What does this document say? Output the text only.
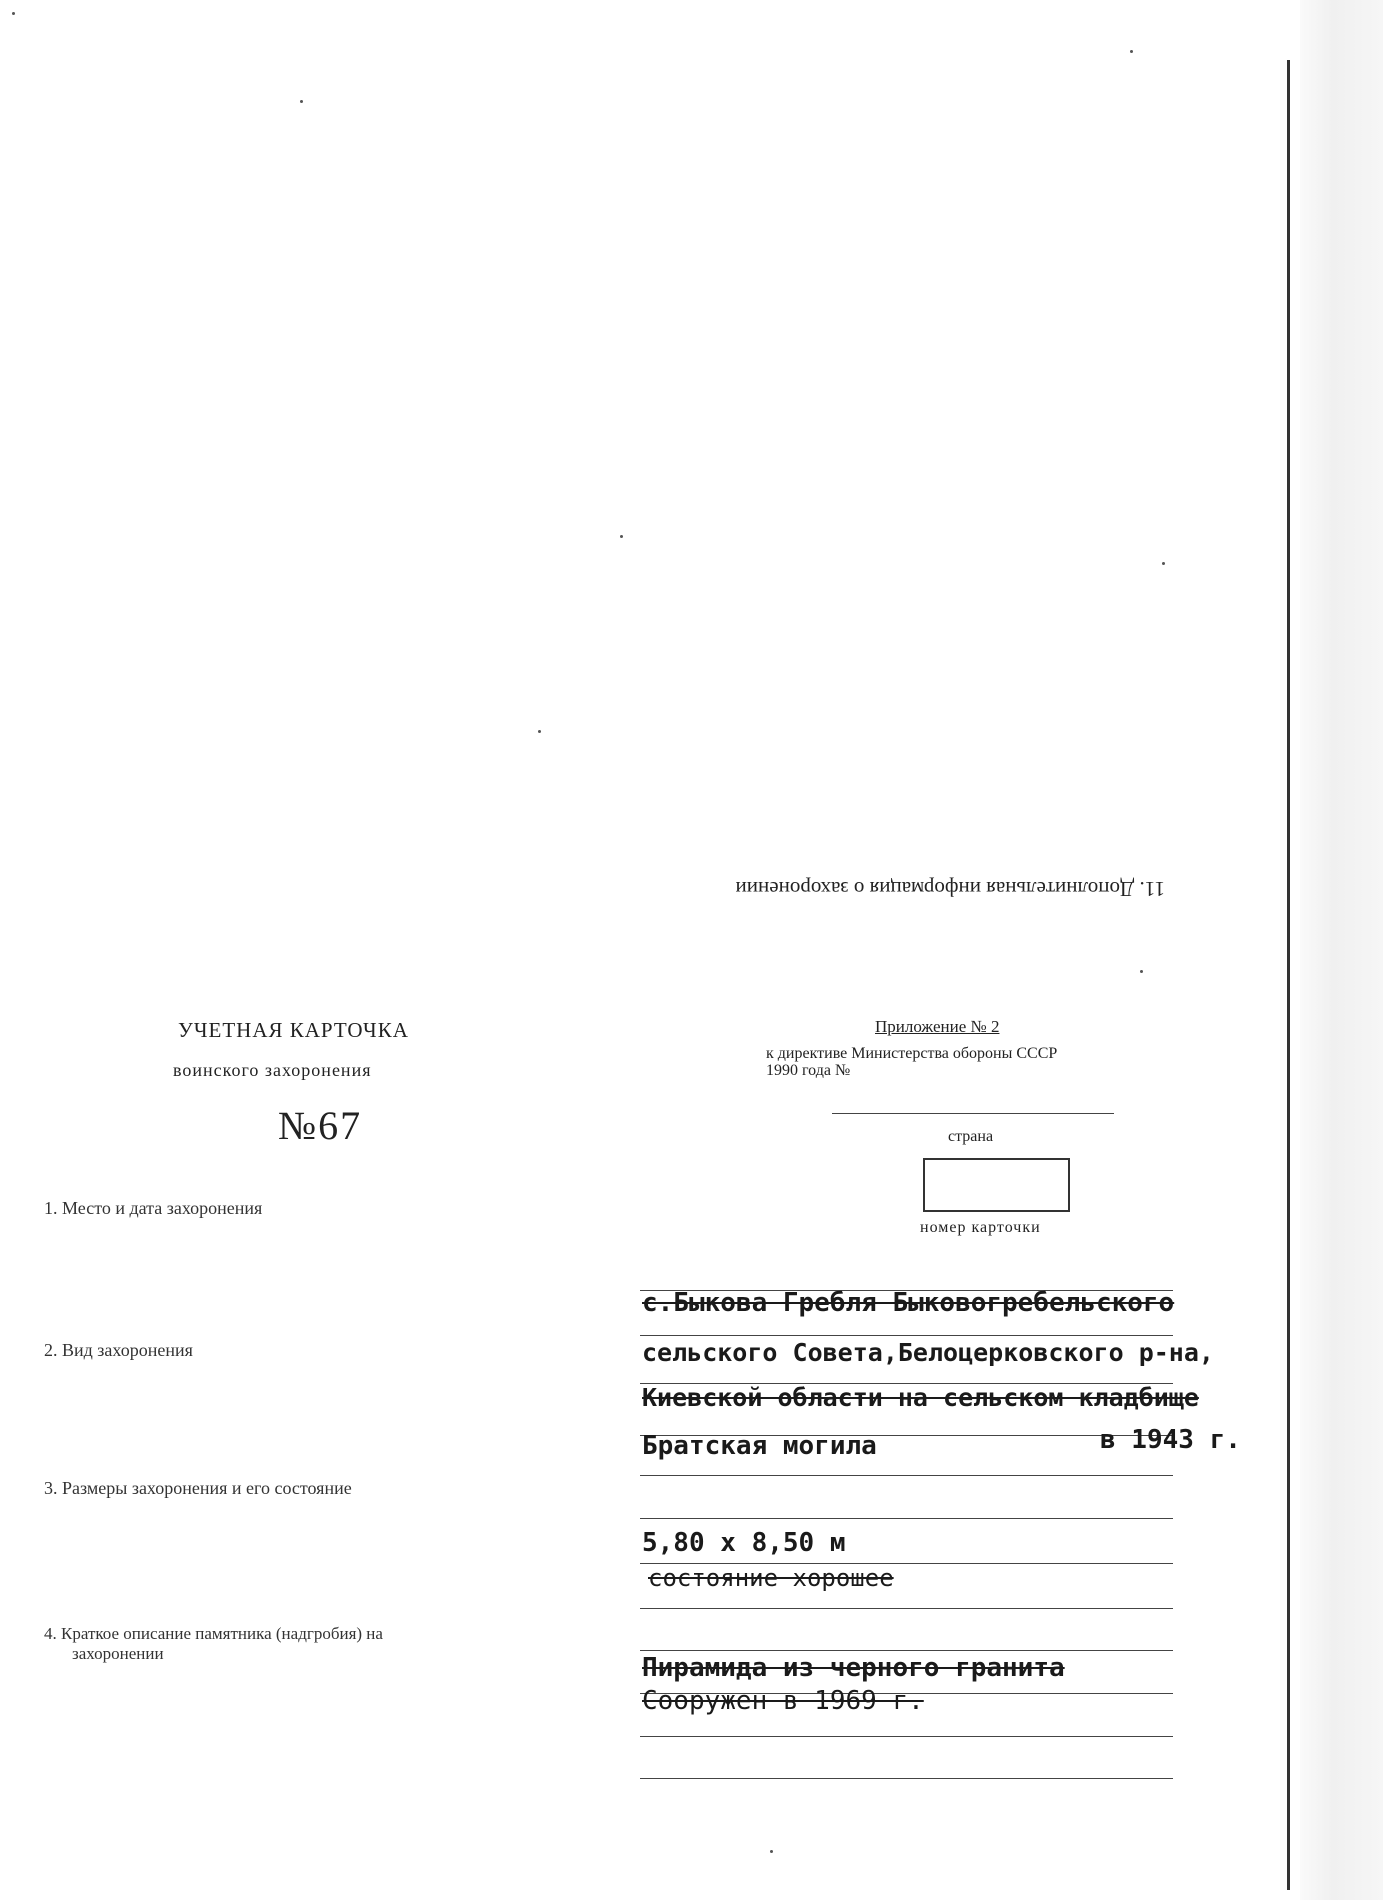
11. Дополнительная информация о захоронении
Приложение № 2
к директиве Министерства обороны СССР
1990 года №
УЧЕТНАЯ КАРТОЧКА
воинского захоронения
№67	страна
номер карточки
1. Место и дата захоронения
2. Вид захоронения
3. Размеры захоронения и его состояние
4. Краткое описание памятника (надгробия) на
захоронении
с.Быкова Гребля Быковогребельского
сельского Совета,Белоцерковского р-на,
Киевской области на сельском кладбище
Братская могила	в 1943 г.
5,80 х 8,50 м
состояние хорошее
Пирамида из черного гранита
Сооружен в 1969 г.
